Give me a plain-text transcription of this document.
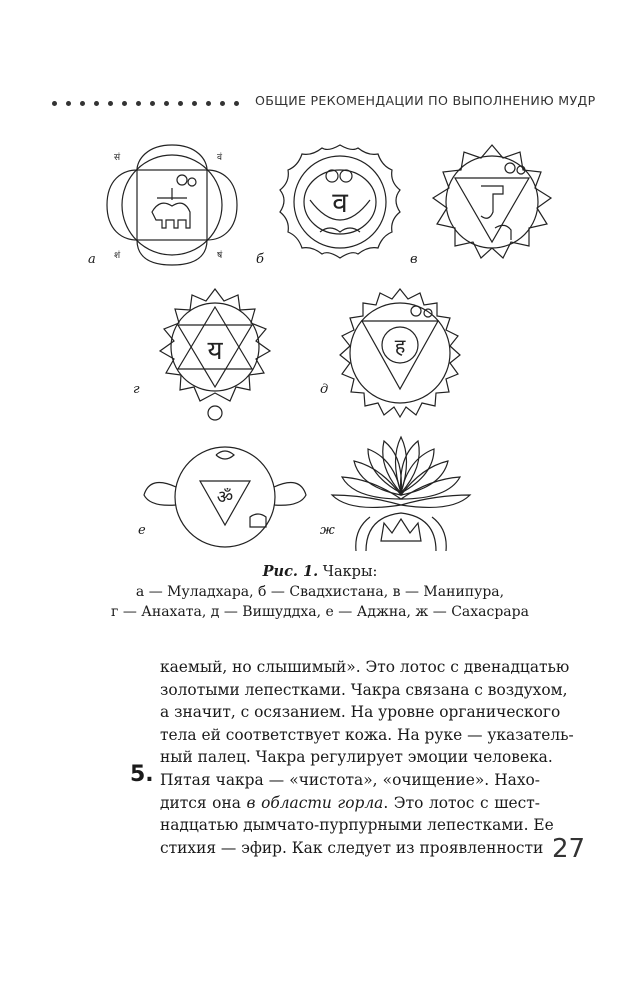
ОБЩИЕ РЕКОМЕНДАЦИИ ПО ВЫПОЛНЕНИЮ МУДР
सं	वं
शं	षं
а
व
б	в
य
г
ह
д
ॐ
е	ж
Рис. 1. Чакры:
а — Муладхара, б — Свадхистана, в — Манипура,
г — Анахата, д — Вишуддха, е — Аджна, ж — Сахасрара
каемый, но слышимый». Это лотос с двенадцатью
золотыми лепестками. Чакра связана с воздухом,
а значит, с осязанием. На уровне органического
тела ей соответствует кожа. На руке — указатель-
ный палец. Чакра регулирует эмоции человека.
Пятая чакра — «чистота», «очищение». Нахо-
дится она в области горла. Это лотос с шест-
надцатью дымчато-пурпурными лепестками. Ее
стихия — эфир. Как следует из проявленности
5.
27
